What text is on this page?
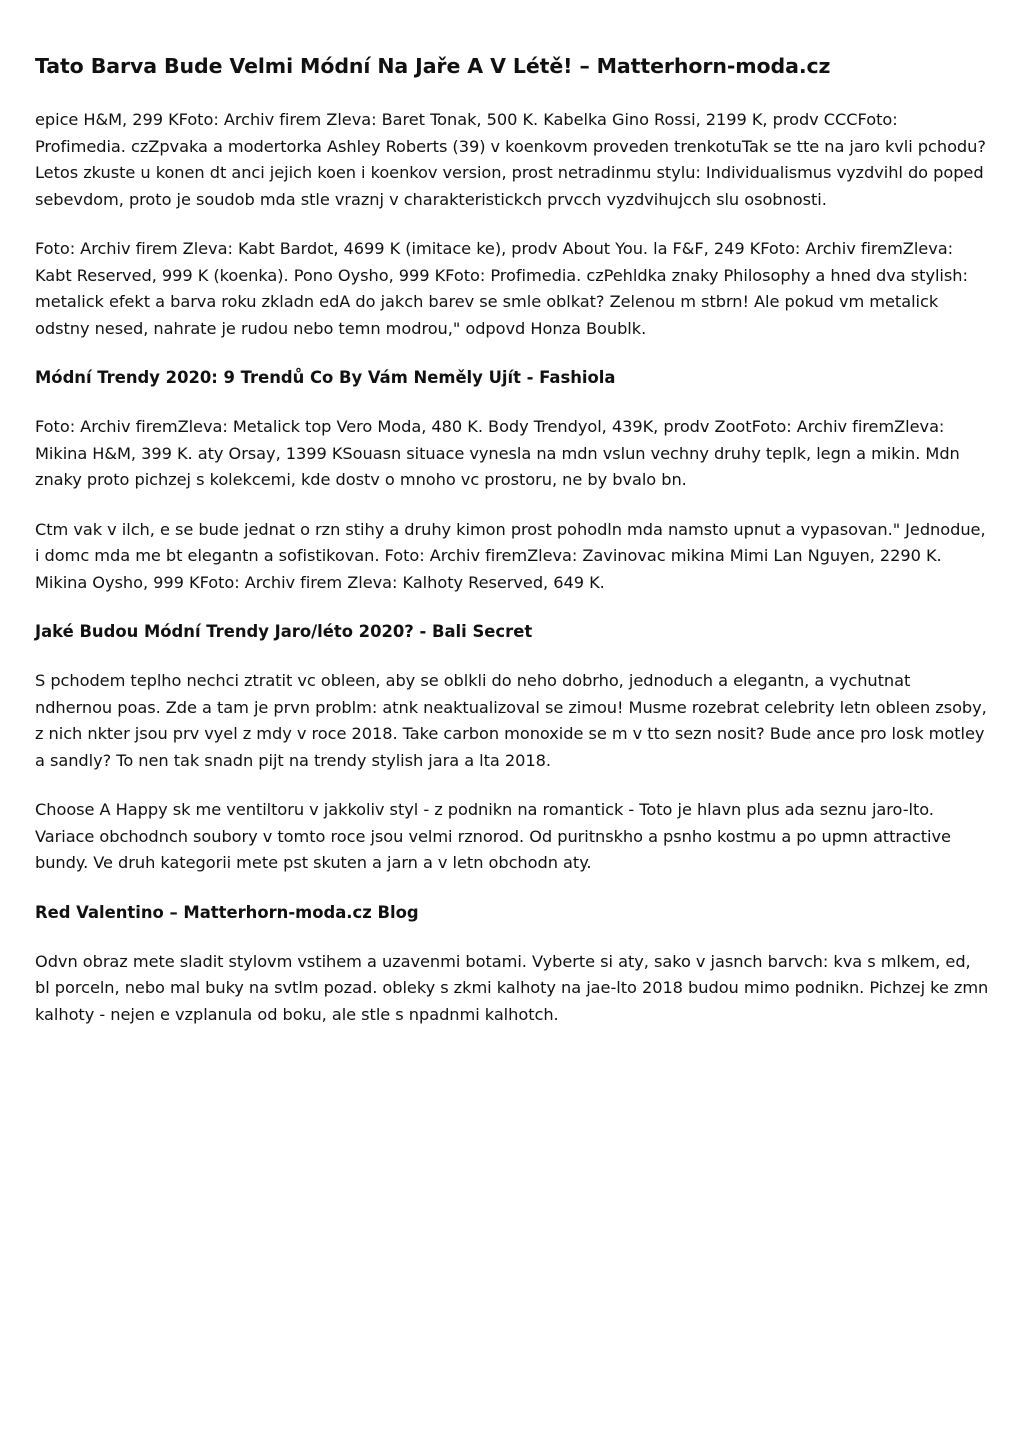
Tato Barva Bude Velmi Módní Na Jaře A V Létě! – Matterhorn-moda.cz

epice H&M, 299 KFoto: Archiv firem Zleva: Baret Tonak, 500 K. Kabelka Gino Rossi, 2199 K, prodv CCCFoto: Profimedia. czZpvaka a modertorka Ashley Roberts (39) v koenkovm proveden trenkotuTak se tte na jaro kvli pchodu? Letos zkuste u konen dt anci jejich koen i koenkov version, prost netradinmu stylu: Individualismus vyzdvihl do poped sebevdom, proto je soudob mda stle vraznj v charakteristickch prvcch vyzdvihujcch slu osobnosti.

Foto: Archiv firem Zleva: Kabt Bardot, 4699 K (imitace ke), prodv About You. la F&F, 249 KFoto: Archiv firemZleva: Kabt Reserved, 999 K (koenka). Pono Oysho, 999 KFoto: Profimedia. czPehldka znaky Philosophy a hned dva stylish: metalick efekt a barva roku zkladn edA do jakch barev se smle oblkat? Zelenou m stbrn! Ale pokud vm metalick odstny nesed, nahrate je rudou nebo temn modrou," odpovd Honza Boublk.

Módní Trendy 2020: 9 Trendů Co By Vám Neměly Ujít - Fashiola

Foto: Archiv firemZleva: Metalick top Vero Moda, 480 K. Body Trendyol, 439K, prodv ZootFoto: Archiv firemZleva: Mikina H&M, 399 K. aty Orsay, 1399 KSouasn situace vynesla na mdn vslun vechny druhy teplk, legn a mikin. Mdn znaky proto pichzej s kolekcemi, kde dostv o mnoho vc prostoru, ne by bvalo bn.

Ctm vak v ilch, e se bude jednat o rzn stihy a druhy kimon prost pohodln mda namsto upnut a vypasovan." Jednodue, i domc mda me bt elegantn a sofistikovan. Foto: Archiv firemZleva: Zavinovac mikina Mimi Lan Nguyen, 2290 K. Mikina Oysho, 999 KFoto: Archiv firem Zleva: Kalhoty Reserved, 649 K.

Jaké Budou Módní Trendy Jaro/léto 2020? - Bali Secret

S pchodem teplho nechci ztratit vc obleen, aby se oblkli do neho dobrho, jednoduch a elegantn, a vychutnat ndhernou poas. Zde a tam je prvn problm: atnk neaktualizoval se zimou! Musme rozebrat celebrity letn obleen zsoby, z nich nkter jsou prv vyel z mdy v roce 2018. Take carbon monoxide se m v tto sezn nosit? Bude ance pro losk motley a sandly? To nen tak snadn pijt na trendy stylish jara a lta 2018.

Choose A Happy sk me ventiltoru v jakkoliv styl - z podnikn na romantick - Toto je hlavn plus ada seznu jaro-lto. Variace obchodnch soubory v tomto roce jsou velmi rznorod. Od puritnskho a psnho kostmu a po upmn attractive bundy. Ve druh kategorii mete pst skuten a jarn a v letn obchodn aty.

Red Valentino – Matterhorn-moda.cz Blog

Odvn obraz mete sladit stylovm vstihem a uzavenmi botami. Vyberte si aty, sako v jasnch barvch: kva s mlkem, ed, bl porceln, nebo mal buky na svtlm pozad. obleky s zkmi kalhoty na jae-lto 2018 budou mimo podnikn. Pichzej ke zmn kalhoty - nejen e vzplanula od boku, ale stle s npadnmi kalhotch.
